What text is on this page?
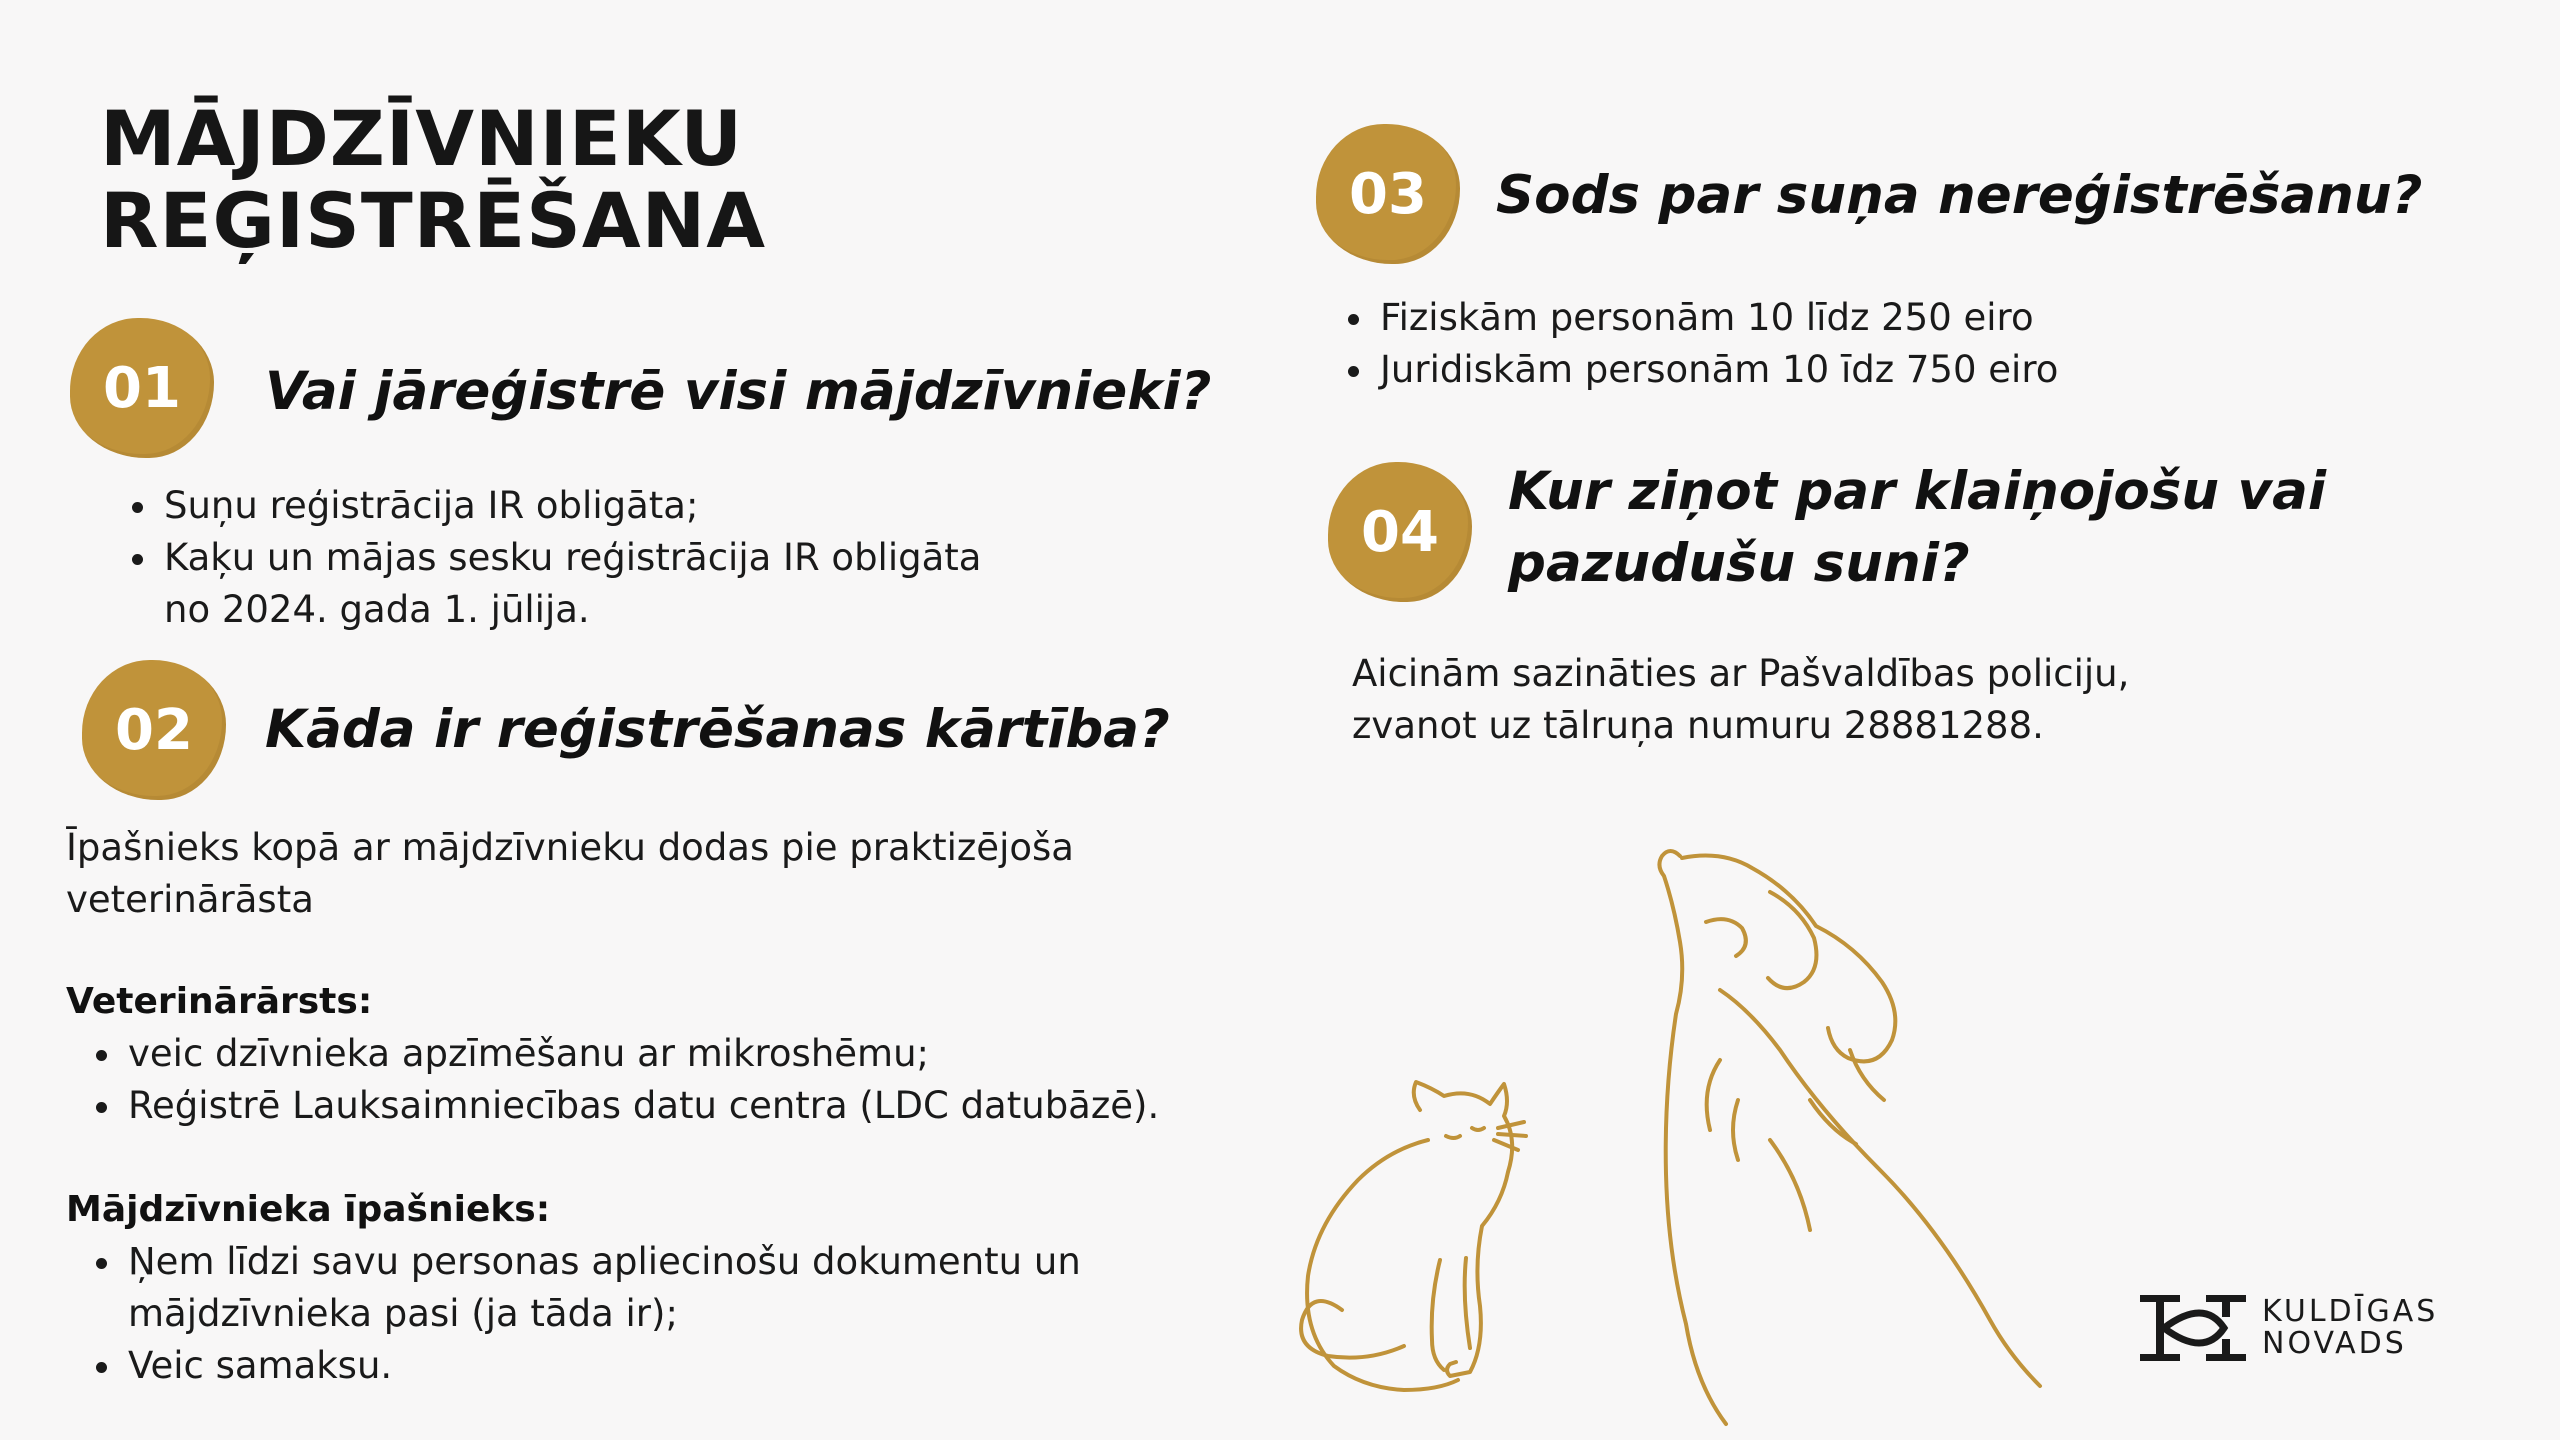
MĀJDZĪVNIEKU
REĢISTRĒŠANA
01	Vai jāreģistrē visi mājdzīvnieki?
Suņu reģistrācija IR obligāta;
Kaķu un mājas sesku reģistrācija IR obligāta

no 2024. gada 1. jūlija.

02	Kāda ir reģistrēšanas kārtība?

Īpašnieks kopā ar mājdzīvnieku dodas pie praktizējoša
veterinārāsta

Veterinārārsts:

veic dzīvnieka apzīmēšanu ar mikroshēmu;
Reģistrē Lauksaimniecības datu centra (LDC datubāzē).

Mājdzīvnieka īpašnieks:

Ņem līdzi savu personas apliecinošu dokumentu un
mājdzīvnieka pasi (ja tāda ir);
Veic samaksu.
03	Sods par suņa nereģistrēšanu?
Fiziskām personām 10 līdz 250 eiro
Juridiskām personām 10 īdz 750 eiro
04
Kur ziņot par klaiņojošu vai
pazudušu suni?

Aicinām sazināties ar Pašvaldības policiju,
zvanot uz tālruņa numuru 28881288.

KULDĪGAS
NOVADS
